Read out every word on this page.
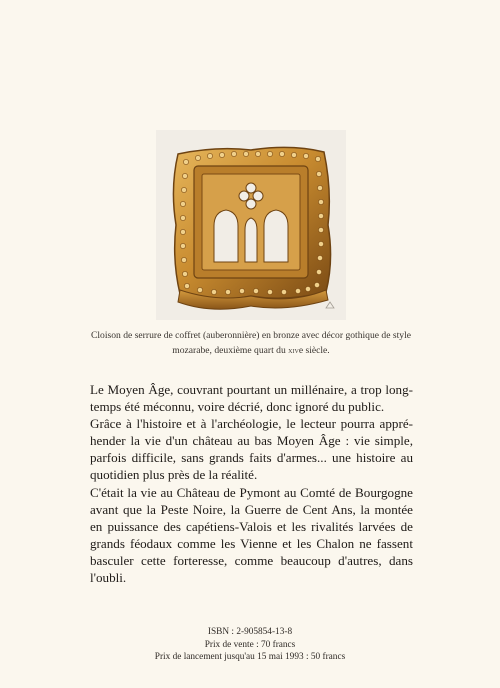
Cloison de serrure de coffret (auberonnière) en bronze avec décor gothique de style mozarabe, deuxième quart du xive siècle.

Le Moyen Âge, couvrant pourtant un millénaire, a trop long-temps été méconnu, voire décrié, donc ignoré du public.

Grâce à l'histoire et à l'archéologie, le lecteur pourra appré-hender la vie d'un château au bas Moyen Âge : vie simple, parfois difficile, sans grands faits d'armes... une histoire au quotidien plus près de la réalité.

C'était la vie au Château de Pymont au Comté de Bourgogne avant que la Peste Noire, la Guerre de Cent Ans, la montée en puissance des capétiens-Valois et les rivalités larvées de grands féodaux comme les Vienne et les Chalon ne fassent basculer cette forteresse, comme beaucoup d'autres, dans l'oubli.

ISBN : 2-905854-13-8
Prix de vente : 70 francs
Prix de lancement jusqu'au 15 mai 1993 : 50 francs
